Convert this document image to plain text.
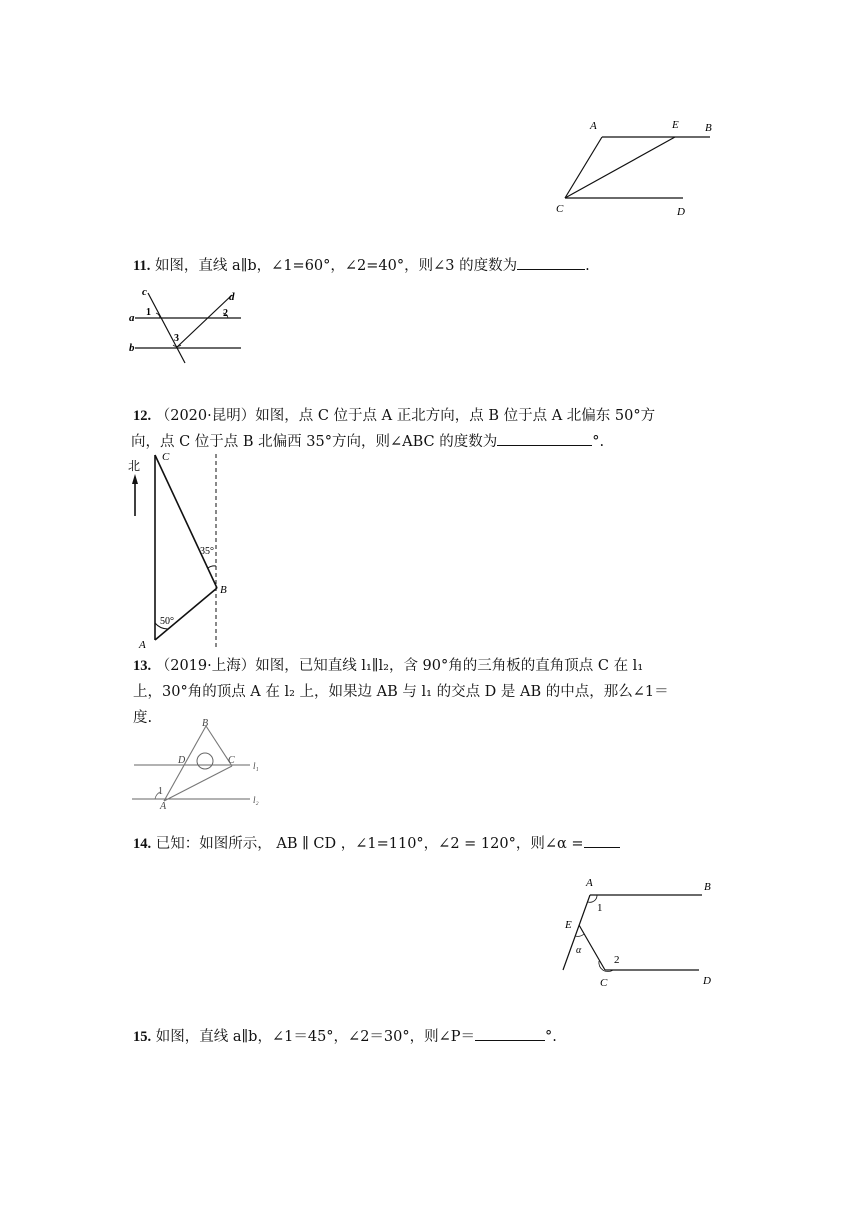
A	E B
C	D
11. 如图，直线 a∥b，∠1=60°，∠2=40°，则∠3 的度数为	.
c	d
a
b
1	2
3
12. （2020·昆明）如图，点 C 位于点 A 正北方向，点 B 位于点 A 北偏东 50°方
向，点 C 位于点 B 北偏西 35°方向，则∠ABC 的度数为	°.
北
C
35°
B
50°
A
13. （2019·上海）如图，已知直线 l₁∥l₂，含 90°角的三角板的直角顶点 C 在 l₁
上，30°角的顶点 A 在 l₂ 上，如果边 AB 与 l₁ 的交点 D 是 AB 的中点，那么∠1＝
度.	B
D	C l₁
1
A
l₂
14. 已知：如图所示， AB ∥ CD ，∠1=110°，∠2 = 120°，则∠α =
A	B
1
E
α
2
C	D
15. 如图，直线 a∥b，∠1＝45°，∠2＝30°，则∠P＝	°.
